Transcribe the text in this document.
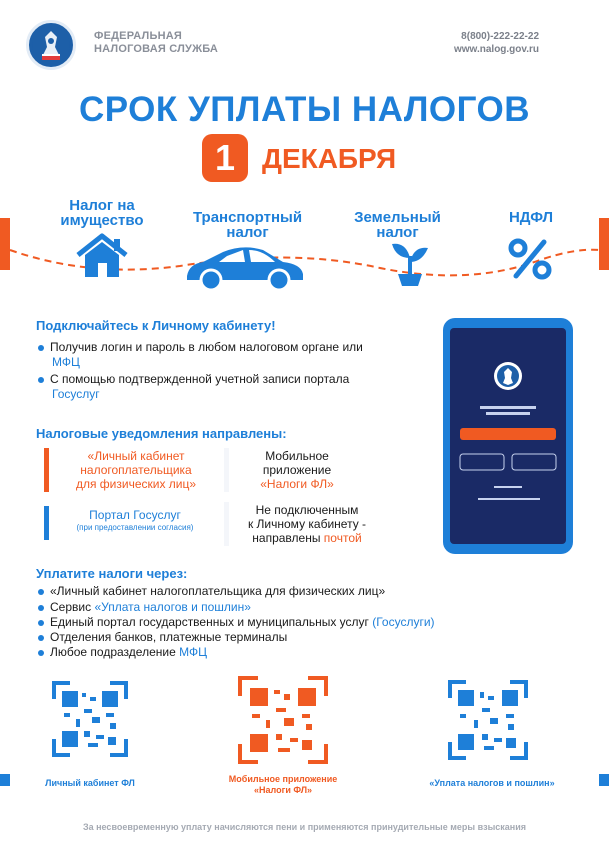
ФЕДЕРАЛЬНАЯ
НАЛОГОВАЯ СЛУЖБА
8(800)-222-22-22
www.nalog.gov.ru
СРОК УПЛАТЫ НАЛОГОВ
1 ДЕКАБРЯ
Налог на
имущество	Транспортный
налог
Земельный
налог
НДФЛ
Подключайтесь к Личному кабинету!
Получив логин и пароль в любом налоговом органе или
МФЦ
С помощью подтвержденной учетной записи портала
Госуслуг
Налоговые уведомления направлены:
«Личный кабинет
налогоплательщика
для физических лиц»
Мобильное
приложение
«Налоги ФЛ»
Портал Госуслуг
(при предоставлении согласия)
Не подключенным
к Личному кабинету -
направлены почтой
Уплатите налоги через:
«Личный кабинет налогоплательщика для физических лиц»
Сервис «Уплата налогов и пошлин»
Единый портал государственных и муниципальных услуг (Госуслуги)
Отделения банков, платежные терминалы
Любое подразделение МФЦ
Личный кабинет ФЛ	Мобильное приложение
«Налоги ФЛ»
«Уплата налогов и пошлин»
За несвоевременную уплату начисляются пени и применяются принудительные меры взыскания
